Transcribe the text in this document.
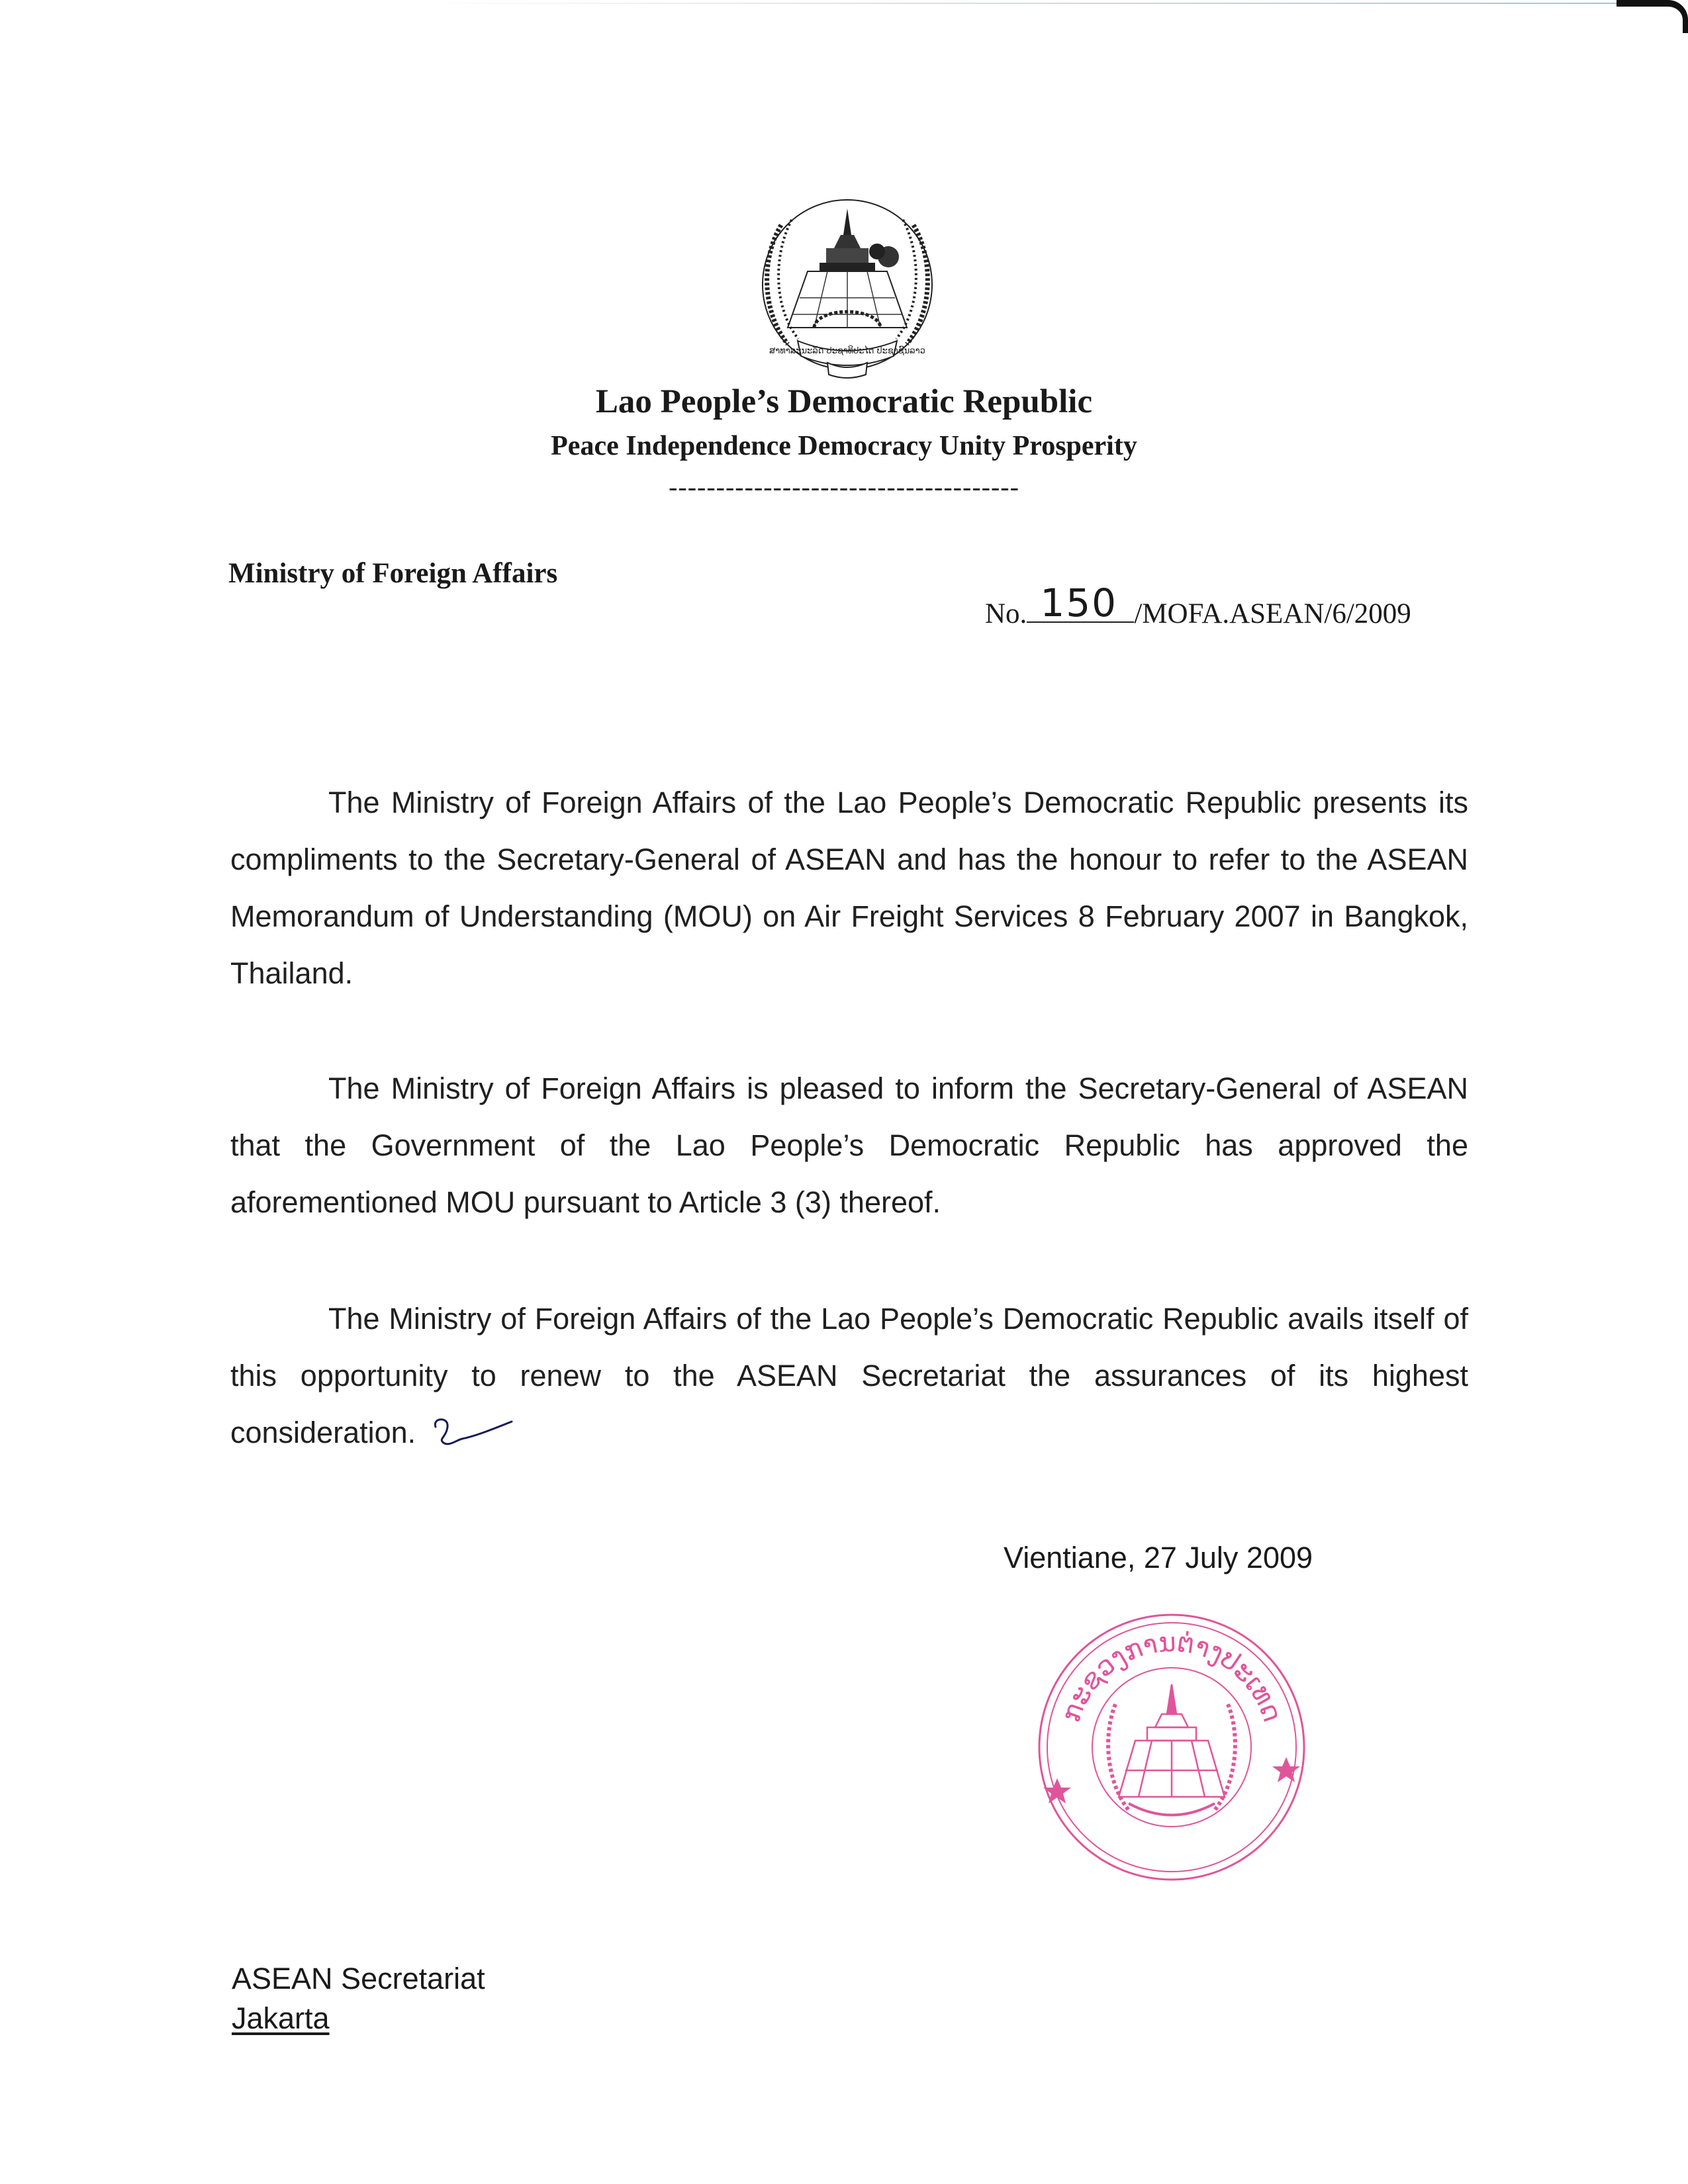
ສາທາລະນະລັດ ປະຊາທິປະໄຕ ປະຊາຊົນລາວ
Lao People’s Democratic Republic
Peace Independence Democracy Unity Prosperity
-------------------------------------
Ministry of Foreign Affairs
No. 150 /MOFA.ASEAN/6/2009

The Ministry of Foreign Affairs of the Lao People’s Democratic Republic presents its compliments to the Secretary-General of ASEAN and has the honour to refer to the ASEAN Memorandum of Understanding (MOU) on Air Freight Services 8 February 2007 in Bangkok, Thailand.

The Ministry of Foreign Affairs is pleased to inform the Secretary-General of ASEAN that the Government of the Lao People’s Democratic Republic has approved the aforementioned MOU pursuant to Article 3 (3) thereof.

The Ministry of Foreign Affairs of the Lao People’s Democratic Republic avails itself of this opportunity to renew to the ASEAN Secretariat the assurances of its highest consideration.

Vientiane, 27 July 2009
ກະຊວງການຕ່າງປະເທດ
ASEAN Secretariat
Jakarta
